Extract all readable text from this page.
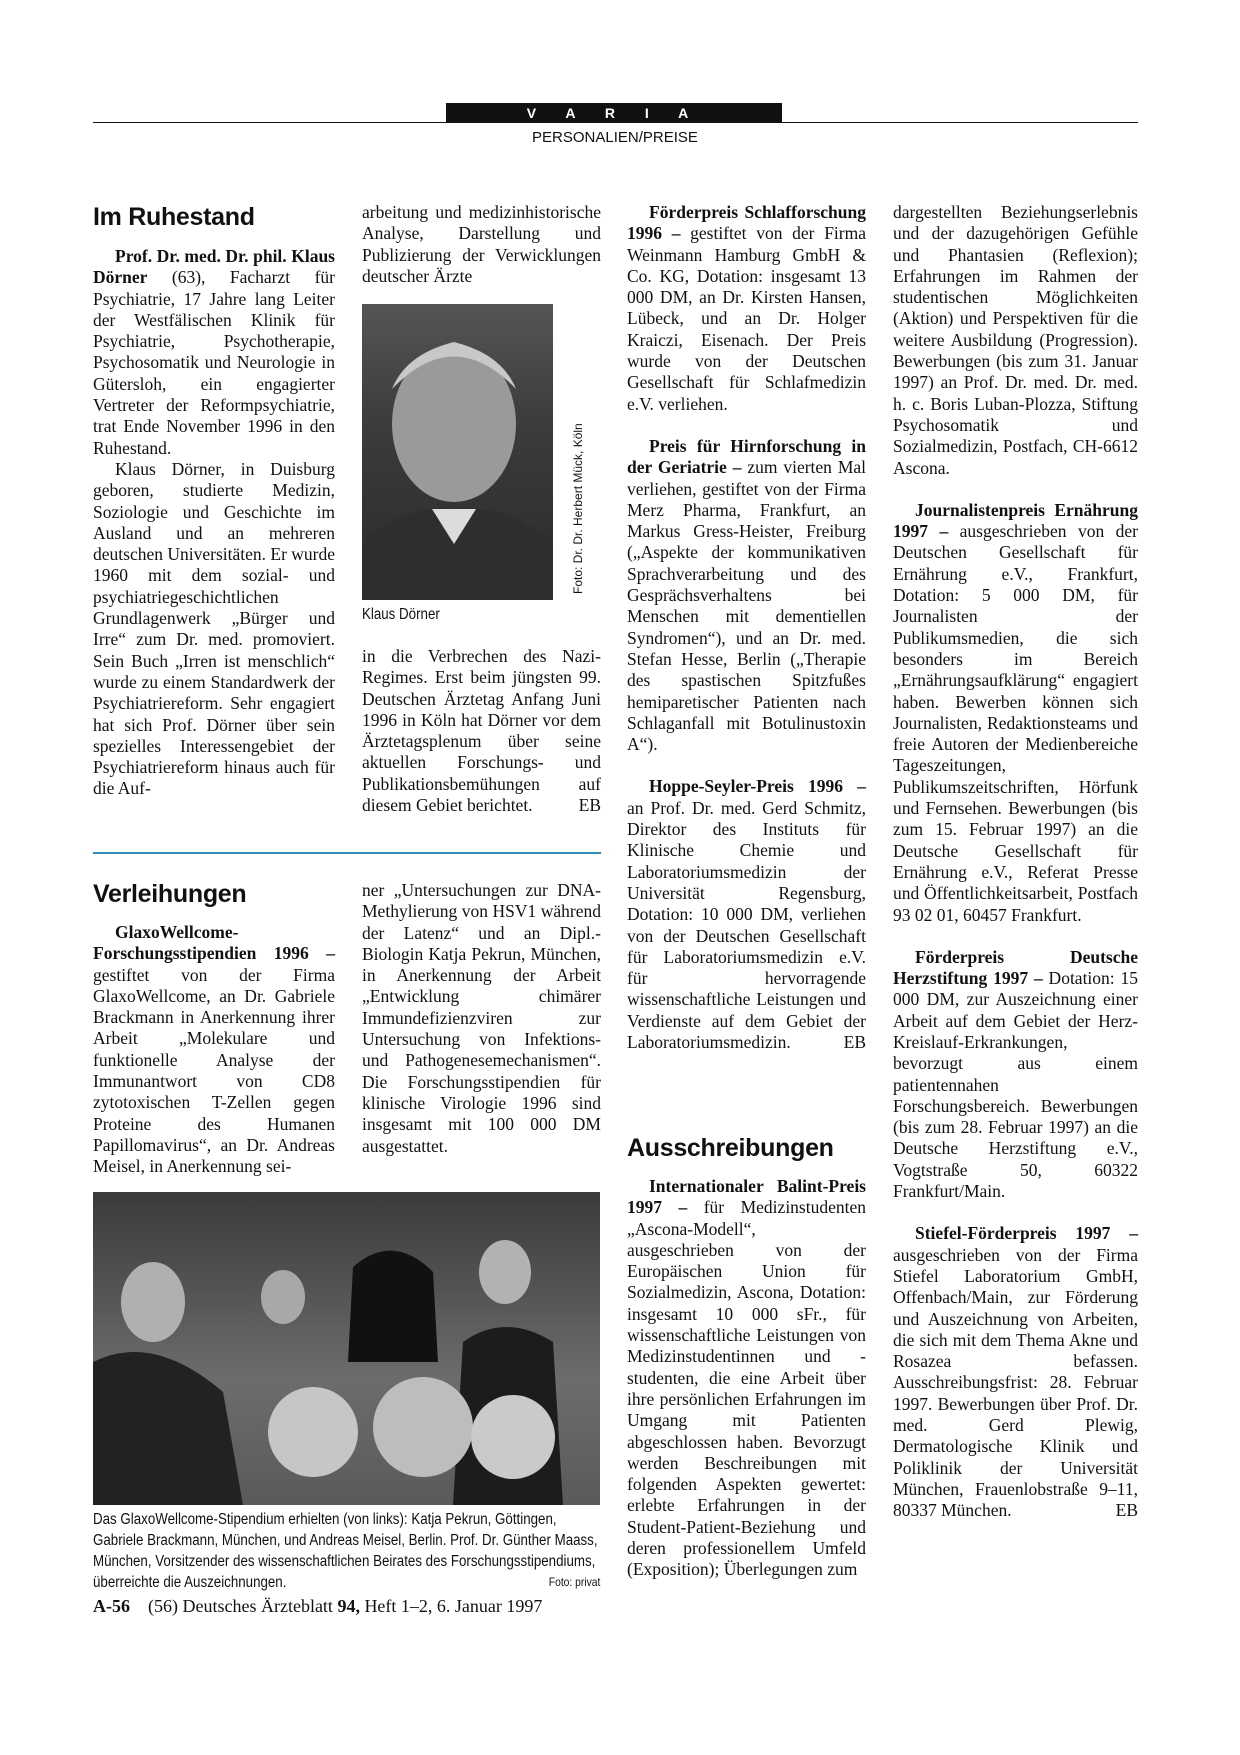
V A R I A
PERSONALIEN/PREISE
Im Ruhestand

Prof. Dr. med. Dr. phil. Klaus Dörner (63), Facharzt für Psychiatrie, 17 Jahre lang Leiter der Westfälischen Klinik für Psychiatrie, Psychotherapie, Psychosomatik und Neurologie in Gütersloh, ein engagierter Vertreter der Reformpsychiatrie, trat Ende November 1996 in den Ruhestand.

Klaus Dörner, in Duisburg geboren, studierte Medizin, Soziologie und Geschichte im Ausland und an mehreren deutschen Universitäten. Er wurde 1960 mit dem sozial- und psychiatriegeschichtlichen Grundlagenwerk „Bürger und Irre“ zum Dr. med. promoviert. Sein Buch „Irren ist menschlich“ wurde zu einem Standardwerk der Psychiatriereform. Sehr engagiert hat sich Prof. Dörner über sein spezielles Interessengebiet der Psychiatriereform hinaus auch für die Auf-

arbeitung und medizinhistorische Analyse, Darstellung und Publizierung der Verwicklungen deutscher Ärzte
Foto: Dr. Dr. Herbert Mück, Köln
Klaus Dörner
in die Verbrechen des Nazi-Regimes. Erst beim jüngsten 99. Deutschen Ärztetag Anfang Juni 1996 in Köln hat Dörner vor dem Ärztetagsplenum über seine aktuellen Forschungs- und Publikationsbemühungen auf diesem Gebiet berichtet.	EB
Verleihungen

GlaxoWellcome-Forschungsstipendien 1996 – gestiftet von der Firma GlaxoWellcome, an Dr. Gabriele Brackmann in Anerkennung ihrer Arbeit „Molekulare und funktionelle Analyse der Immunantwort von CD8 zytotoxischen T-Zellen gegen Proteine des Humanen Papillomavirus“, an Dr. Andreas Meisel, in Anerkennung sei-

ner „Untersuchungen zur DNA-Methylierung von HSV1 während der Latenz“ und an Dipl.-Biologin Katja Pekrun, München, in Anerkennung der Arbeit „Entwicklung chimärer Immundefizienzviren zur Untersuchung von Infektions- und Pathogenesemechanismen“. Die Forschungsstipendien für klinische Virologie 1996 sind insgesamt mit 100 000 DM ausgestattet.
Das GlaxoWellcome-Stipendium erhielten (von links): Katja Pekrun, Göttingen, Gabriele Brackmann, München, und Andreas Meisel, Berlin. Prof. Dr. Günther Maass, München, Vorsitzender des wissenschaftlichen Beirates des Forschungsstipendiums, überreichte die Auszeichnungen.	Foto: privat

Förderpreis Schlafforschung 1996 – gestiftet von der Firma Weinmann Hamburg GmbH & Co. KG, Dotation: insgesamt 13 000 DM, an Dr. Kirsten Hansen, Lübeck, und an Dr. Holger Kraiczi, Eisenach. Der Preis wurde von der Deutschen Gesellschaft für Schlafmedizin e.V. verliehen.

Preis für Hirnforschung in der Geriatrie – zum vierten Mal verliehen, gestiftet von der Firma Merz Pharma, Frankfurt, an Markus Gress-Heister, Freiburg („Aspekte der kommunikativen Sprachverarbeitung und des Gesprächsverhaltens bei Menschen mit dementiellen Syndromen“), und an Dr. med. Stefan Hesse, Berlin („Therapie des spastischen Spitzfußes hemiparetischer Patienten nach Schlaganfall mit Botulinustoxin A“).

Hoppe-Seyler-Preis 1996 – an Prof. Dr. med. Gerd Schmitz, Direktor des Instituts für Klinische Chemie und Laboratoriumsmedizin der Universität Regensburg, Dotation: 10 000 DM, verliehen von der Deutschen Gesellschaft für Laboratoriumsmedizin e.V. für hervorragende wissenschaftliche Leistungen und Verdienste auf dem Gebiet der Laboratoriumsmedizin.	EB

Ausschreibungen

Internationaler Balint-Preis 1997 – für Medizinstudenten „Ascona-Modell“, ausgeschrieben von der Europäischen Union für Sozialmedizin, Ascona, Dotation: insgesamt 10 000 sFr., für wissenschaftliche Leistungen von Medizinstudentinnen und -studenten, die eine Arbeit über ihre persönlichen Erfahrungen im Umgang mit Patienten abgeschlossen haben. Bevorzugt werden Beschreibungen mit folgenden Aspekten gewertet: erlebte Erfahrungen in der Student-Patient-Beziehung und deren professionellem Umfeld (Exposition); Überlegungen zum

dargestellten Beziehungserlebnis und der dazugehörigen Gefühle und Phantasien (Reflexion); Erfahrungen im Rahmen der studentischen Möglichkeiten (Aktion) und Perspektiven für die weitere Ausbildung (Progression). Bewerbungen (bis zum 31. Januar 1997) an Prof. Dr. med. Dr. med. h. c. Boris Luban-Plozza, Stiftung Psychosomatik und Sozialmedizin, Postfach, CH-6612 Ascona.

Journalistenpreis Ernährung 1997 – ausgeschrieben von der Deutschen Gesellschaft für Ernährung e.V., Frankfurt, Dotation: 5 000 DM, für Journalisten der Publikumsmedien, die sich besonders im Bereich „Ernährungsaufklärung“ engagiert haben. Bewerben können sich Journalisten, Redaktionsteams und freie Autoren der Medienbereiche Tageszeitungen, Publikumszeitschriften, Hörfunk und Fernsehen. Bewerbungen (bis zum 15. Februar 1997) an die Deutsche Gesellschaft für Ernährung e.V., Referat Presse und Öffentlichkeitsarbeit, Postfach 93 02 01, 60457 Frankfurt.

Förderpreis Deutsche Herzstiftung 1997 – Dotation: 15 000 DM, zur Auszeichnung einer Arbeit auf dem Gebiet der Herz-Kreislauf-Erkrankungen, bevorzugt aus einem patientennahen Forschungsbereich. Bewerbungen (bis zum 28. Februar 1997) an die Deutsche Herzstiftung e.V., Vogtstraße 50, 60322 Frankfurt/Main.

Stiefel-Förderpreis 1997 – ausgeschrieben von der Firma Stiefel Laboratorium GmbH, Offenbach/Main, zur Förderung und Auszeichnung von Arbeiten, die sich mit dem Thema Akne und Rosazea befassen. Ausschreibungsfrist: 28. Februar 1997. Bewerbungen über Prof. Dr. med. Gerd Plewig, Dermatologische Klinik und Poliklinik der Universität München, Frauenlobstraße 9–11, 80337 München.	EB
A-56 (56) Deutsches Ärzteblatt 94, Heft 1–2, 6. Januar 1997
